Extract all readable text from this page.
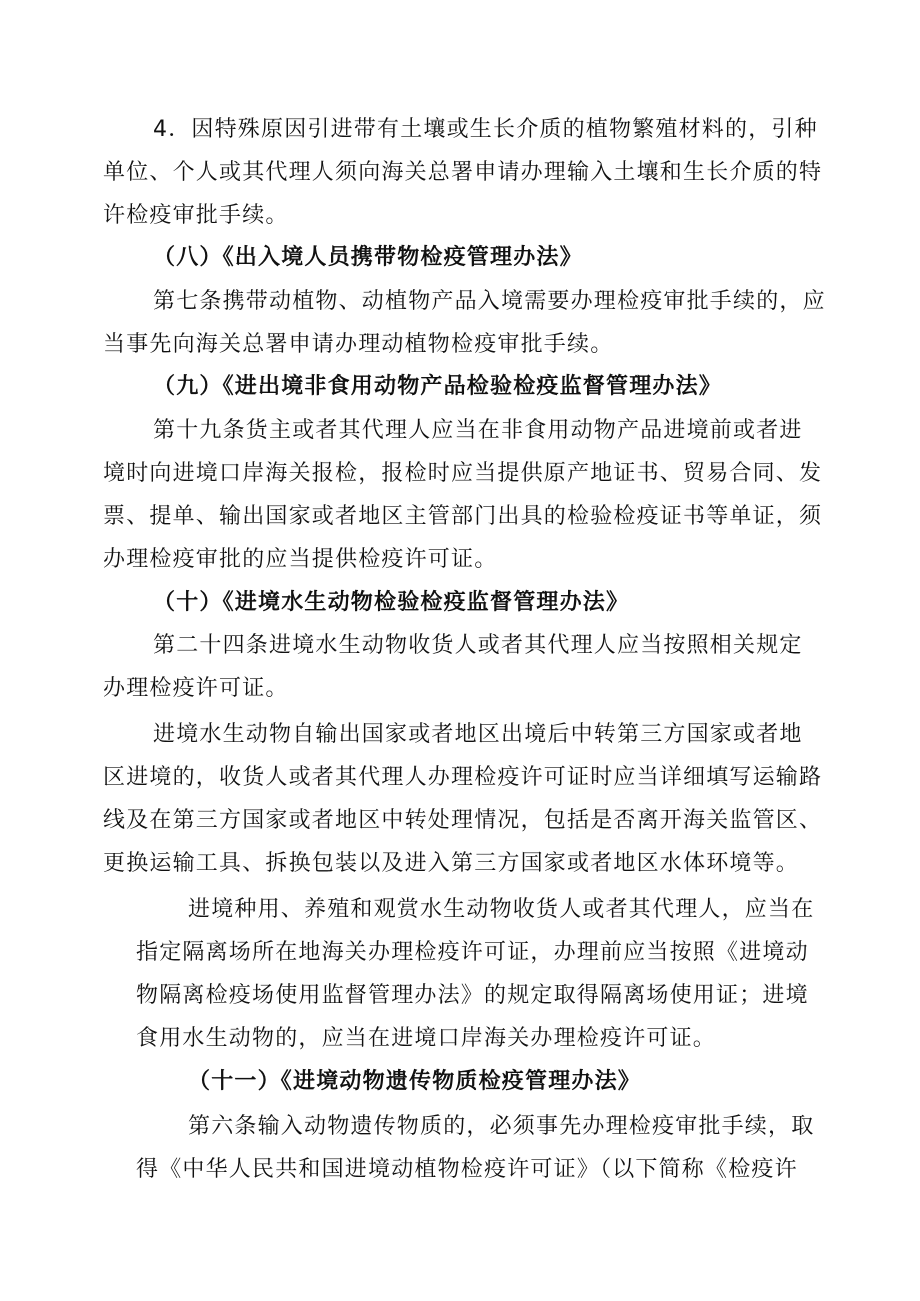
4．因特殊原因引进带有土壤或生长介质的植物繁殖材料的，引种
单位、个人或其代理人须向海关总署申请办理输入土壤和生长介质的特
许检疫审批手续。
（八）《出入境人员携带物检疫管理办法》
第七条携带动植物、动植物产品入境需要办理检疫审批手续的，应
当事先向海关总署申请办理动植物检疫审批手续。
（九）《进出境非食用动物产品检验检疫监督管理办法》
第十九条货主或者其代理人应当在非食用动物产品进境前或者进
境时向进境口岸海关报检，报检时应当提供原产地证书、贸易合同、发
票、提单、输出国家或者地区主管部门出具的检验检疫证书等单证，须
办理检疫审批的应当提供检疫许可证。
（十）《进境水生动物检验检疫监督管理办法》
第二十四条进境水生动物收货人或者其代理人应当按照相关规定
办理检疫许可证。
进境水生动物自输出国家或者地区出境后中转第三方国家或者地
区进境的，收货人或者其代理人办理检疫许可证时应当详细填写运输路
线及在第三方国家或者地区中转处理情况，包括是否离开海关监管区、
更换运输工具、拆换包装以及进入第三方国家或者地区水体环境等。
进境种用、养殖和观赏水生动物收货人或者其代理人，应当在
指定隔离场所在地海关办理检疫许可证，办理前应当按照《进境动
物隔离检疫场使用监督管理办法》的规定取得隔离场使用证；进境
食用水生动物的，应当在进境口岸海关办理检疫许可证。
（十一）《进境动物遗传物质检疫管理办法》
第六条输入动物遗传物质的，必须事先办理检疫审批手续，取
得《中华人民共和国进境动植物检疫许可证》（以下简称《检疫许
